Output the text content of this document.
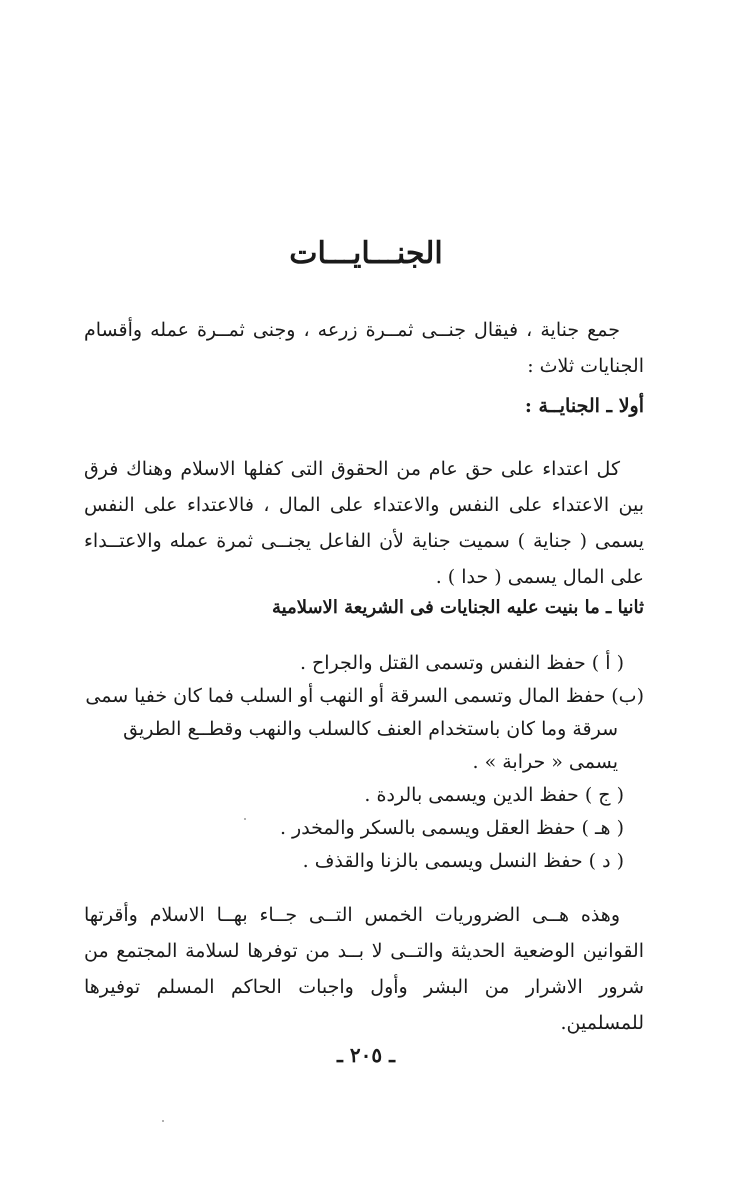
الجنـــايـــات
جمع جناية ، فيقال جنــى ثمــرة زرعه ، وجنى ثمــرة عمله وأقسام الجنايات ثلاث :
أولا ـ الجنايــة :
كل اعتداء على حق عام من الحقوق التى كفلها الاسلام وهناك فرق بين الاعتداء على النفس والاعتداء على المال ، فالاعتداء على النفس يسمى ( جناية ) سميت جناية لأن الفاعل يجنــى ثمرة عمله والاعتــداء على المال يسمى ( حدا ) .
ثانيا ـ ما بنيت عليه الجنايات فى الشريعة الاسلامية
( أ ) حفظ النفس وتسمى القتل والجراح .
(ب) حفظ المال وتسمى السرقة أو النهب أو السلب فما كان خفيا سمى
سرقة وما كان باستخدام العنف كالسلب والنهب وقطــع الطريق يسمى « حرابة » .
( ج ) حفظ الدين ويسمى بالردة .
( هـ ) حفظ العقل ويسمى بالسكر والمخدر .
( د ) حفظ النسل ويسمى بالزنا والقذف .
وهذه هــى الضروريات الخمس التــى جــاء بهــا الاسلام وأقرتها القوانين الوضعية الحديثة والتــى لا بــد من توفرها لسلامة المجتمع من شرور الاشرار من البشر وأول واجبات الحاكم المسلم توفيرها للمسلمين.
ـ ٢٠٥ ـ
